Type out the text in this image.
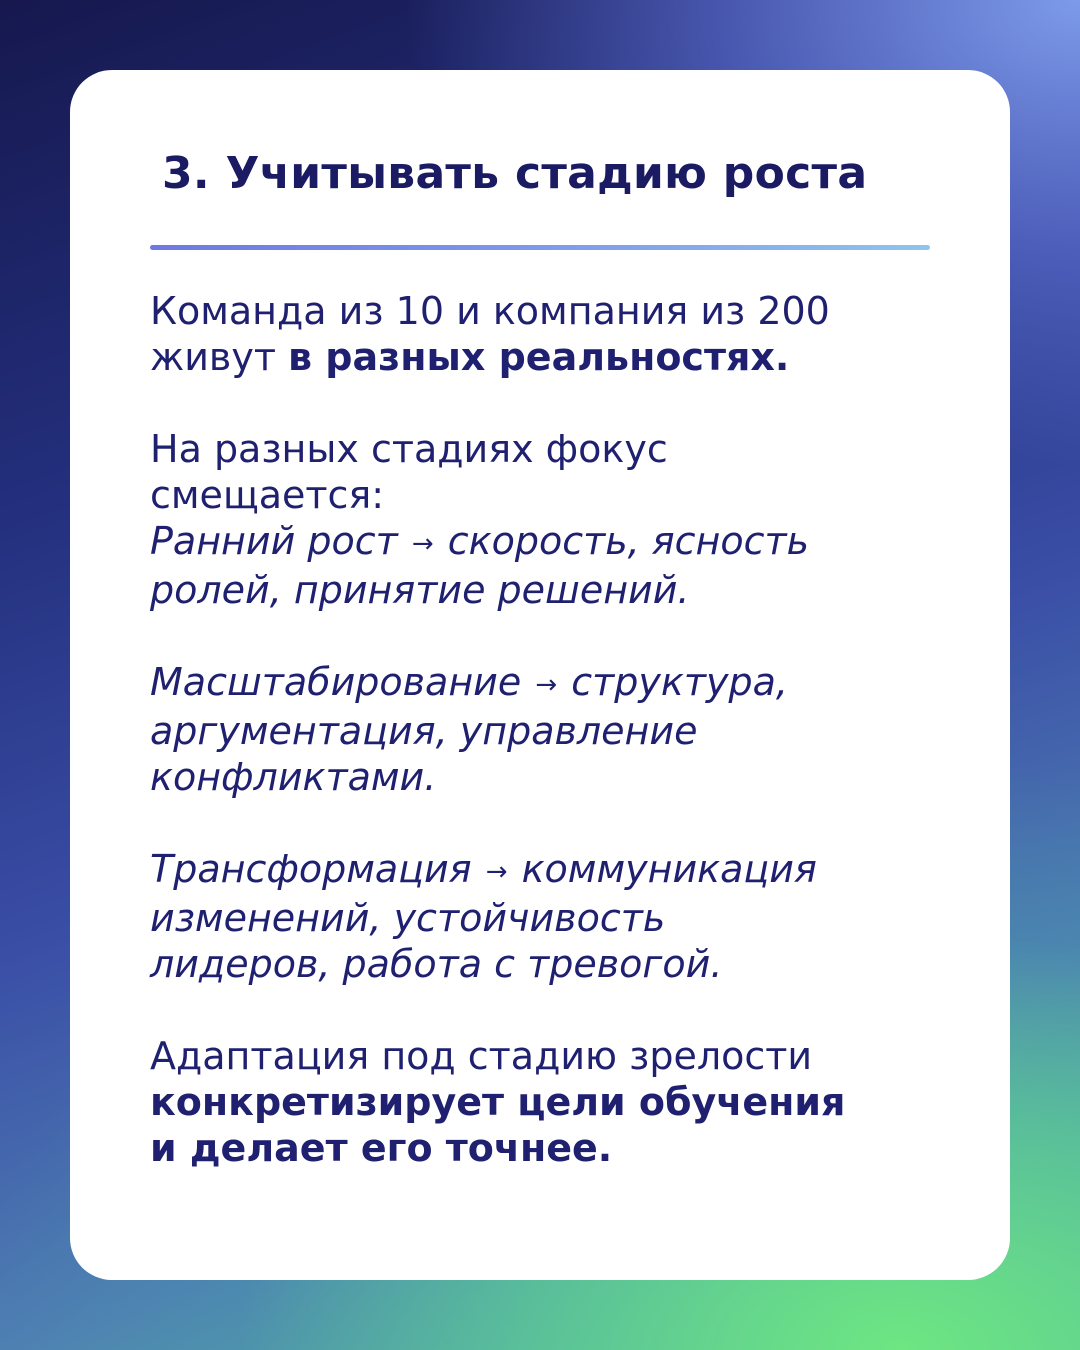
3. Учитывать стадию роста

Команда из 10 и компания из 200
живут в разных реальностях.

На разных стадиях фокус
смещается:
Ранний рост → скорость, ясность
ролей, принятие решений.

Масштабирование → структура,
аргументация, управление
конфликтами.

Трансформация → коммуникация
изменений, устойчивость
лидеров, работа с тревогой.

Адаптация под стадию зрелости
конкретизирует цели обучения
и делает его точнее.
